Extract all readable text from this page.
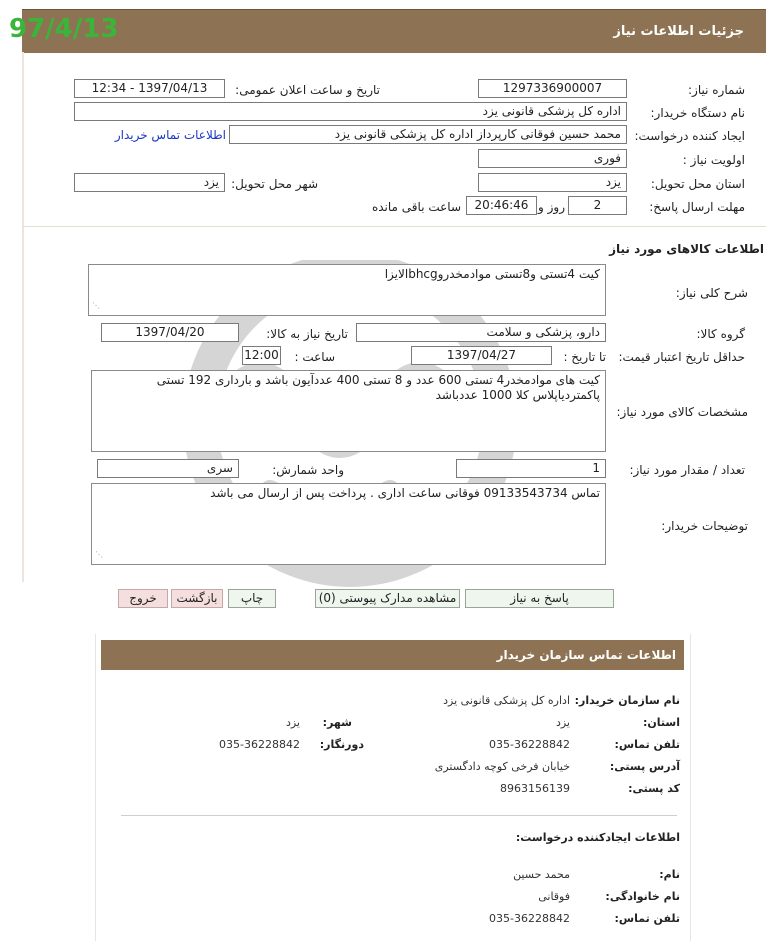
جزئیات اطلاعات نیاز
97/4/13
شماره نیاز:
1297336900007
تاریخ و ساعت اعلان عمومی:
1397/04/13 - 12:34
نام دستگاه خریدار:
اداره کل پزشکی قانونی یزد
ایجاد کننده درخواست:
محمد حسین فوقانی کارپرداز اداره کل پزشکی قانونی یزد
اطلاعات تماس خریدار
اولویت نیاز :
فوری
استان محل تحویل:
یزد
شهر محل تحویل:
یزد
مهلت ارسال پاسخ:
2
روز و
20:46:46
ساعت باقی مانده
اطلاعات کالاهای مورد نیاز
شرح کلی نیاز:
کیت 4تستی و8تستی موادمخدروbhcgالایزا
⋰
گروه کالا:
دارو، پزشکی و سلامت
تاریخ نیاز به کالا:
1397/04/20
حداقل تاریخ اعتبار قیمت:
تا تاریخ :
1397/04/27
ساعت :
12:00
مشخصات کالای مورد نیاز:
کیت های موادمخدر4 تستی 600 عدد و 8 تستی 400 عددآیون باشد و بارداری 192 تستی پاکمتردیاپلاس کلا 1000 عددباشد
تعداد / مقدار مورد نیاز:
1
واحد شمارش:
سری
توضیحات خریدار:
تماس 09133543734 فوقانی ساعت اداری . پرداخت پس از ارسال می باشد
⋰
پاسخ به نیاز
مشاهده مدارک پیوستی (0)
چاپ
بازگشت
خروج
اطلاعات تماس سازمان خریدار
نام سازمان خریدار:
اداره کل پزشکی قانونی یزد
استان:
یزد
شهر:
یزد
تلفن تماس:
035-36228842
دورنگار:
035-36228842
آدرس پستی:
خیابان فرخی کوچه دادگستری
کد پستی:
8963156139
اطلاعات ایجادکننده درخواست:
نام:
محمد حسین
نام خانوادگی:
فوقانی
تلفن تماس:
035-36228842
